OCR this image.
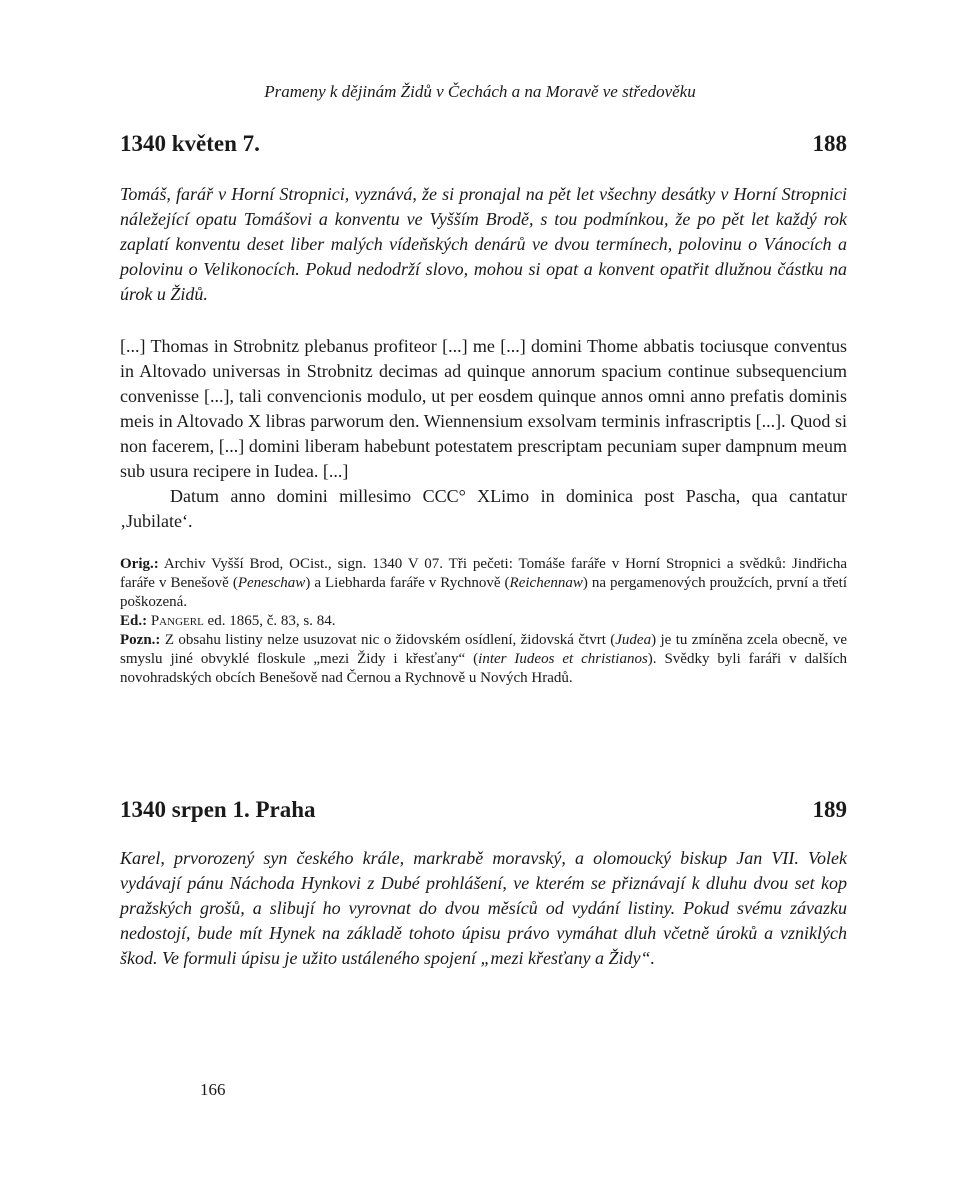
Prameny k dějinám Židů v Čechách a na Moravě ve středověku
1340 květen 7.	188
Tomáš, farář v Horní Stropnici, vyznává, že si pronajal na pět let všechny desátky v Horní Stropnici náležející opatu Tomášovi a konventu ve Vyšším Brodě, s tou podmínkou, že po pět let každý rok zaplatí konventu deset liber malých vídeňských denárů ve dvou termínech, polovinu o Vánocích a polovinu o Velikonocích. Pokud nedodrží slovo, mohou si opat a konvent opatřit dlužnou částku na úrok u Židů.

[...] Thomas in Strobnitz plebanus profiteor [...] me [...] domini Thome abbatis tociusque conventus in Altovado universas in Strobnitz decimas ad quinque annorum spacium continue subsequencium convenisse [...], tali convencionis modulo, ut per eosdem quinque annos omni anno prefatis dominis meis in Altovado X libras parworum den. Wiennensium exsolvam terminis infrascriptis [...]. Quod si non facerem, [...] domini liberam habebunt potestatem prescriptam pecuniam super dampnum meum sub usura recipere in Iudea. [...]

Datum anno domini millesimo CCC° XLimo in dominica post Pascha, qua cantatur ‚Jubilate‘.

Orig.: Archiv Vyšší Brod, OCist., sign. 1340 V 07. Tři pečeti: Tomáše faráře v Horní Stropnici a svědků: Jindřicha faráře v Benešově (Peneschaw) a Liebharda faráře v Rychnově (Reichennaw) na pergamenových proužcích, první a třetí poškozená.

Ed.: Pangerl ed. 1865, č. 83, s. 84.

Pozn.: Z obsahu listiny nelze usuzovat nic o židovském osídlení, židovská čtvrt (Judea) je tu zmíněna zcela obecně, ve smyslu jiné obvyklé floskule „mezi Židy i křesťany“ (inter Iudeos et christianos). Svědky byli faráři v dalších novohradských obcích Benešově nad Černou a Rychnově u Nových Hradů.

1340 srpen 1. Praha	189
Karel, prvorozený syn českého krále, markrabě moravský, a olomoucký biskup Jan VII. Volek vydávají pánu Náchoda Hynkovi z Dubé prohlášení, ve kterém se přiznávají k dluhu dvou set kop pražských grošů, a slibují ho vyrovnat do dvou měsíců od vydání listiny. Pokud svému závazku nedostojí, bude mít Hynek na základě tohoto úpisu právo vymáhat dluh včetně úroků a vzniklých škod. Ve formuli úpisu je užito ustáleného spojení „mezi křesťany a Židy“.
166
